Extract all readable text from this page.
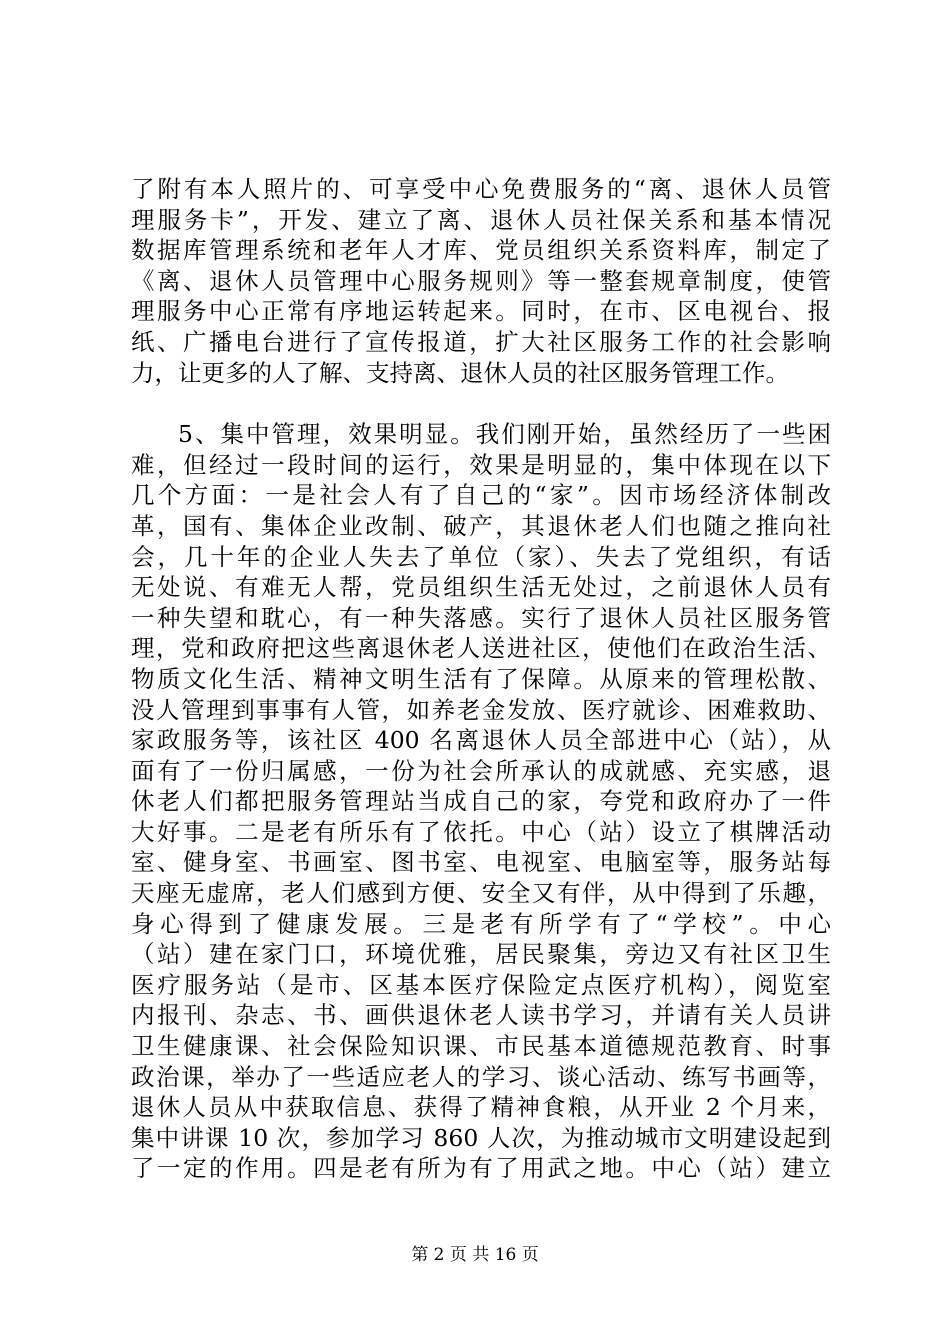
了附有本人照片的、可享受中心免费服务的“离、退休人员管
理服务卡”，开发、建立了离、退休人员社保关系和基本情况
数据库管理系统和老年人才库、党员组织关系资料库，制定了
《离、退休人员管理中心服务规则》等一整套规章制度，使管
理服务中心正常有序地运转起来。同时，在市、区电视台、报
纸、广播电台进行了宣传报道，扩大社区服务工作的社会影响
力，让更多的人了解、支持离、退休人员的社区服务管理工作。
5、集中管理，效果明显。我们刚开始，虽然经历了一些困
难，但经过一段时间的运行，效果是明显的，集中体现在以下
几个方面：一是社会人有了自己的“家”。因市场经济体制改
革，国有、集体企业改制、破产，其退休老人们也随之推向社
会，几十年的企业人失去了单位（家）、失去了党组织，有话
无处说、有难无人帮，党员组织生活无处过，之前退休人员有
一种失望和耽心，有一种失落感。实行了退休人员社区服务管
理，党和政府把这些离退休老人送进社区，使他们在政治生活、
物质文化生活、精神文明生活有了保障。从原来的管理松散、
没人管理到事事有人管，如养老金发放、医疗就诊、困难救助、
家政服务等，该社区 400 名离退休人员全部进中心（站），从
面有了一份归属感，一份为社会所承认的成就感、充实感，退
休老人们都把服务管理站当成自己的家，夸党和政府办了一件
大好事。二是老有所乐有了依托。中心（站）设立了棋牌活动
室、健身室、书画室、图书室、电视室、电脑室等，服务站每
天座无虚席，老人们感到方便、安全又有伴，从中得到了乐趣，
身心得到了健康发展。三是老有所学有了“学校”。中心
（站）建在家门口，环境优雅，居民聚集，旁边又有社区卫生
医疗服务站（是市、区基本医疗保险定点医疗机构），阅览室
内报刊、杂志、书、画供退休老人读书学习，并请有关人员讲
卫生健康课、社会保险知识课、市民基本道德规范教育、时事
政治课，举办了一些适应老人的学习、谈心活动、练写书画等，
退休人员从中获取信息、获得了精神食粮，从开业 2 个月来，
集中讲课 10 次，参加学习 860 人次，为推动城市文明建设起到
了一定的作用。四是老有所为有了用武之地。中心（站）建立
第 2 页 共 16 页
